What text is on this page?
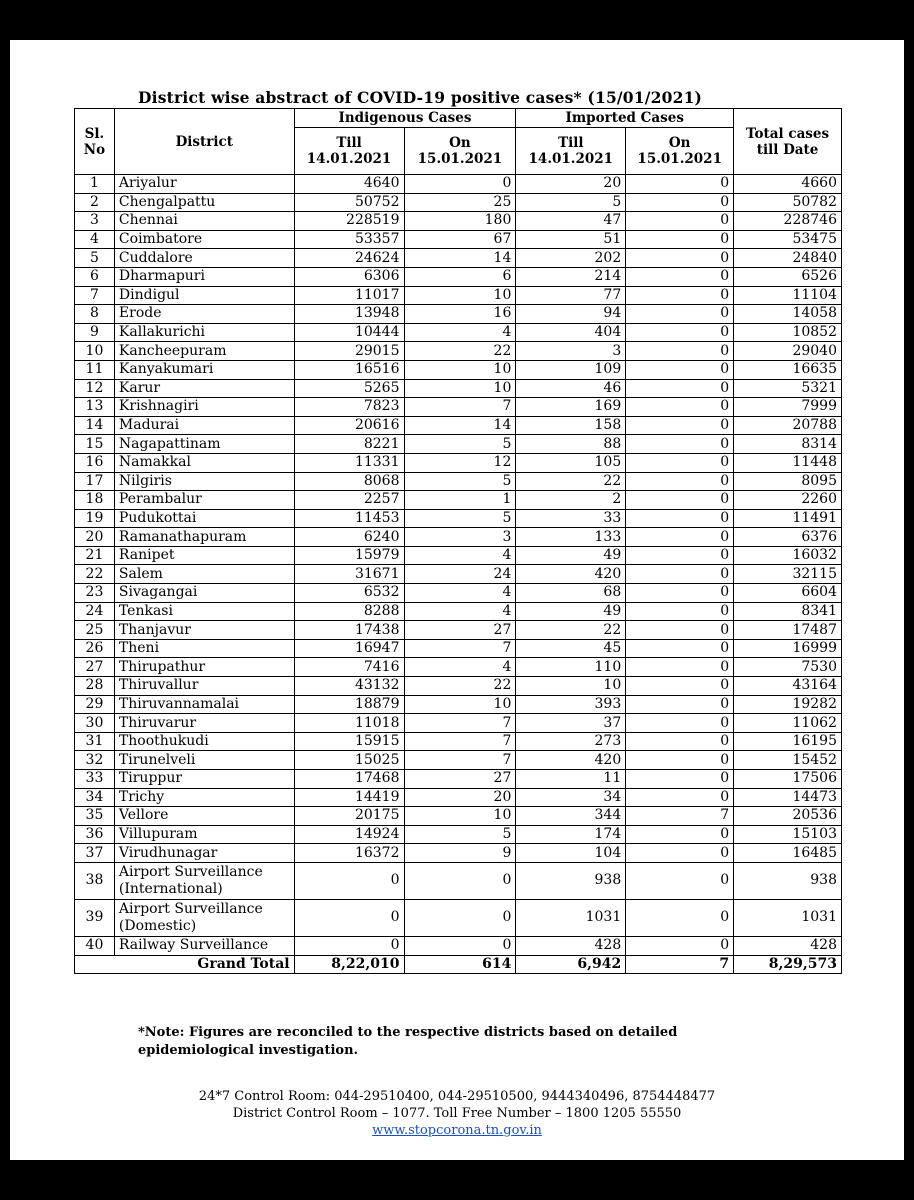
District wise abstract of COVID-19 positive cases* (15/01/2021)
Sl. No	District	Indigenous Cases		Imported Cases		Total cases till Date
		Till 14.01.2021	On 15.01.2021	Till 14.01.2021	On 15.01.2021	
1	Ariyalur	4640	0	20	0	4660
2	Chengalpattu	50752	25	5	0	50782
3	Chennai	228519	180	47	0	228746
4	Coimbatore	53357	67	51	0	53475
5	Cuddalore	24624	14	202	0	24840
6	Dharmapuri	6306	6	214	0	6526
7	Dindigul	11017	10	77	0	11104
8	Erode	13948	16	94	0	14058
9	Kallakurichi	10444	4	404	0	10852
10	Kancheepuram	29015	22	3	0	29040
11	Kanyakumari	16516	10	109	0	16635
12	Karur	5265	10	46	0	5321
13	Krishnagiri	7823	7	169	0	7999
14	Madurai	20616	14	158	0	20788
15	Nagapattinam	8221	5	88	0	8314
16	Namakkal	11331	12	105	0	11448
17	Nilgiris	8068	5	22	0	8095
18	Perambalur	2257	1	2	0	2260
19	Pudukottai	11453	5	33	0	11491
20	Ramanathapuram	6240	3	133	0	6376
21	Ranipet	15979	4	49	0	16032
22	Salem	31671	24	420	0	32115
23	Sivagangai	6532	4	68	0	6604
24	Tenkasi	8288	4	49	0	8341
25	Thanjavur	17438	27	22	0	17487
26	Theni	16947	7	45	0	16999
27	Thirupathur	7416	4	110	0	7530
28	Thiruvallur	43132	22	10	0	43164
29	Thiruvannamalai	18879	10	393	0	19282
30	Thiruvarur	11018	7	37	0	11062
31	Thoothukudi	15915	7	273	0	16195
32	Tirunelveli	15025	7	420	0	15452
33	Tiruppur	17468	27	11	0	17506
34	Trichy	14419	20	34	0	14473
35	Vellore	20175	10	344	7	20536
36	Villupuram	14924	5	174	0	15103
37	Virudhunagar	16372	9	104	0	16485
38	Airport Surveillance (International)	0	0	938	0	938
39	Airport Surveillance (Domestic)	0	0	1031	0	1031
40	Railway Surveillance	0	0	428	0	428
Grand Total		8,22,010	614	6,942	7	8,29,573
*Note: Figures are reconciled to the respective districts based on detailed epidemiological investigation.
24*7 Control Room: 044-29510400, 044-29510500, 9444340496, 8754448477
District Control Room – 1077. Toll Free Number – 1800 1205 55550
www.stopcorona.tn.gov.in
